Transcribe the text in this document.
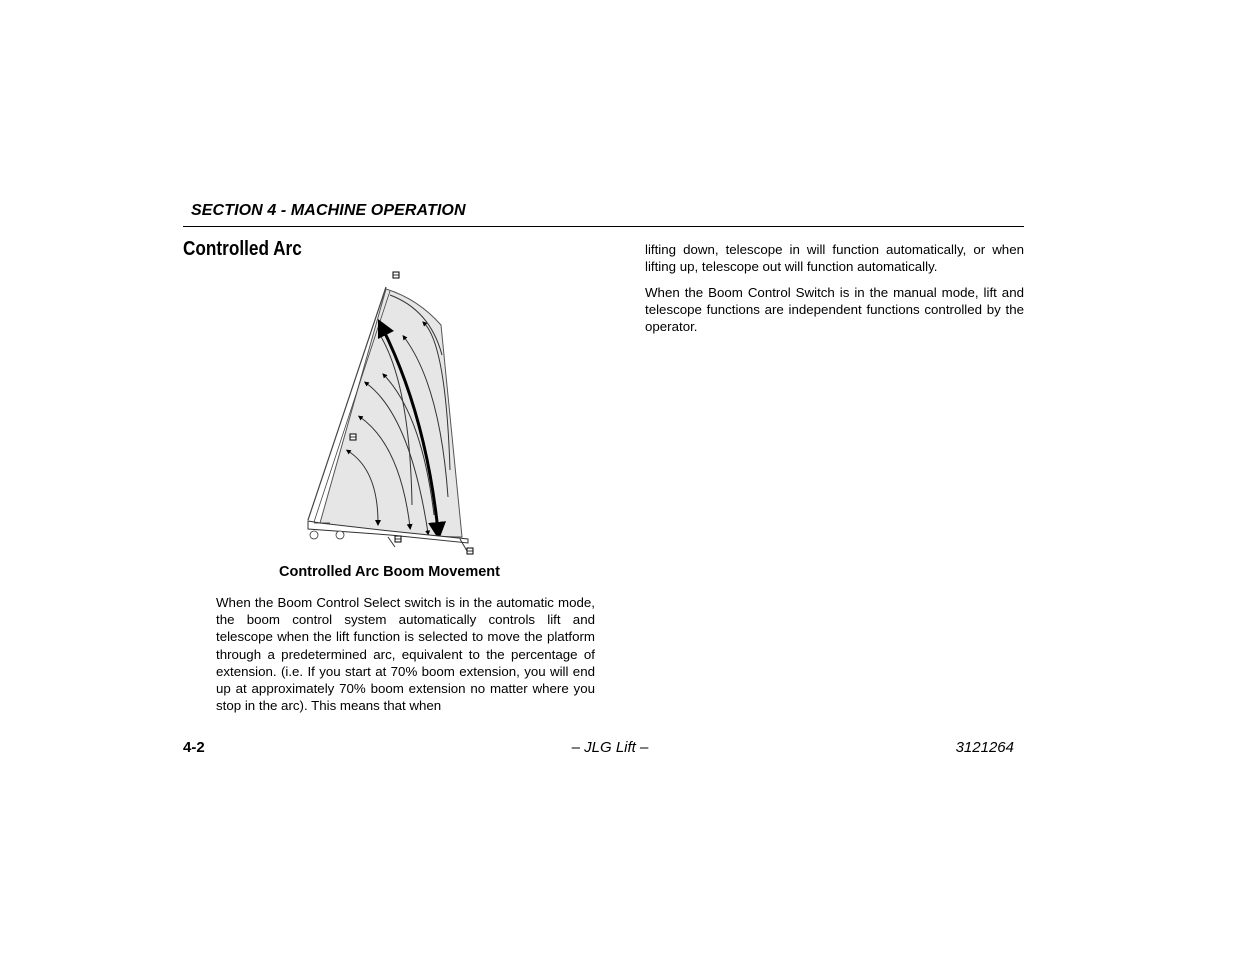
SECTION 4 - MACHINE OPERATION
Controlled Arc
Controlled Arc Boom Movement

When the Boom Control Select switch is in the automatic mode, the boom control system automatically controls lift and telescope when the lift function is selected to move the platform through a predetermined arc, equivalent to the percentage of extension. (i.e. If you start at 70% boom extension, you will end up at approximately 70% boom extension no matter where you stop in the arc). This means that when

lifting down, telescope in will function automatically, or when lifting up, telescope out will function automatically.

When the Boom Control Switch is in the manual mode, lift and telescope functions are independent functions controlled by the operator.

4-2	– JLG Lift –	3121264
